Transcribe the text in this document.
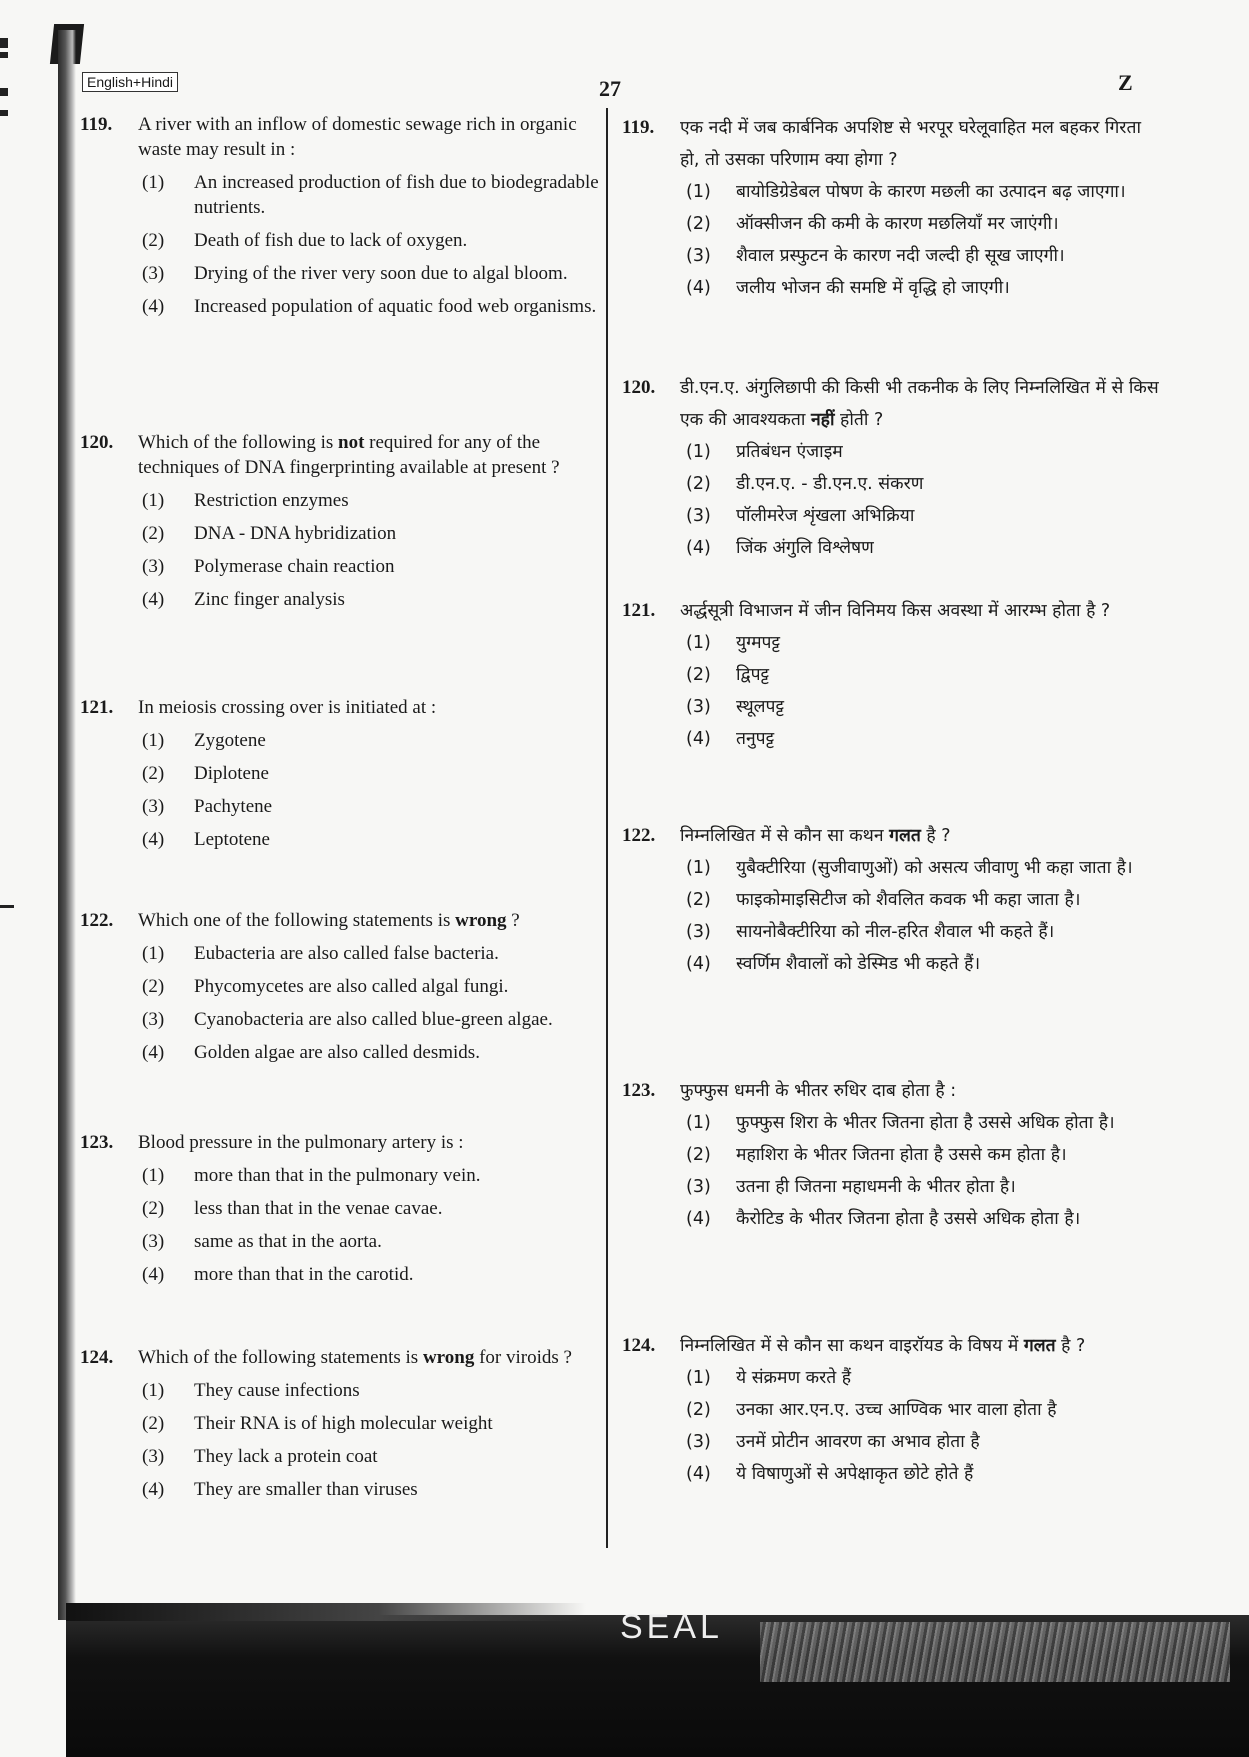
English+Hindi	27	Z
119.	A river with an inflow of domestic sewage rich in organic waste may result in :
(1)	An increased production of fish due to biodegradable nutrients.
(2)	Death of fish due to lack of oxygen.
(3)	Drying of the river very soon due to algal bloom.
(4)	Increased population of aquatic food web organisms.
120.	Which of the following is not required for any of the techniques of DNA fingerprinting available at present ?
(1)	Restriction enzymes
(2)	DNA - DNA hybridization
(3)	Polymerase chain reaction
(4)	Zinc finger analysis
121.	In meiosis crossing over is initiated at :
(1)	Zygotene
(2)	Diplotene
(3)	Pachytene
(4)	Leptotene
122.	Which one of the following statements is wrong ?
(1)	Eubacteria are also called false bacteria.
(2)	Phycomycetes are also called algal fungi.
(3)	Cyanobacteria are also called blue-green algae.
(4)	Golden algae are also called desmids.
123.	Blood pressure in the pulmonary artery is :
(1)	more than that in the pulmonary vein.
(2)	less than that in the venae cavae.
(3)	same as that in the aorta.
(4)	more than that in the carotid.
124.	Which of the following statements is wrong for viroids ?
(1)	They cause infections
(2)	Their RNA is of high molecular weight
(3)	They lack a protein coat
(4)	They are smaller than viruses
119.	एक नदी में जब कार्बनिक अपशिष्ट से भरपूर घरेलूवाहित मल बहकर गिरता हो, तो उसका परिणाम क्या होगा ?
(1)	बायोडिग्रेडेबल पोषण के कारण मछली का उत्पादन बढ़ जाएगा।
(2)	ऑक्सीजन की कमी के कारण मछलियाँ मर जाएंगी।
(3)	शैवाल प्रस्फुटन के कारण नदी जल्दी ही सूख जाएगी।
(4)	जलीय भोजन की समष्टि में वृद्धि हो जाएगी।
120.	डी.एन.ए. अंगुलिछापी की किसी भी तकनीक के लिए निम्नलिखित में से किस एक की आवश्यकता नहीं होती ?
(1)	प्रतिबंधन एंजाइम
(2)	डी.एन.ए. - डी.एन.ए. संकरण
(3)	पॉलीमरेज शृंखला अभिक्रिया
(4)	जिंक अंगुलि विश्लेषण
121.	अर्द्धसूत्री विभाजन में जीन विनिमय किस अवस्था में आरम्भ होता है ?
(1)	युग्मपट्ट
(2)	द्विपट्ट
(3)	स्थूलपट्ट
(4)	तनुपट्ट
122.	निम्नलिखित में से कौन सा कथन गलत है ?
(1)	युबैक्टीरिया (सुजीवाणुओं) को असत्य जीवाणु भी कहा जाता है।
(2)	फाइकोमाइसिटीज को शैवलित कवक भी कहा जाता है।
(3)	सायनोबैक्टीरिया को नील-हरित शैवाल भी कहते हैं।
(4)	स्वर्णिम शैवालों को डेस्मिड भी कहते हैं।
123.	फुफ्फुस धमनी के भीतर रुधिर दाब होता है :
(1)	फुफ्फुस शिरा के भीतर जितना होता है उससे अधिक होता है।
(2)	महाशिरा के भीतर जितना होता है उससे कम होता है।
(3)	उतना ही जितना महाधमनी के भीतर होता है।
(4)	कैरोटिड के भीतर जितना होता है उससे अधिक होता है।
124.	निम्नलिखित में से कौन सा कथन वाइरॉयड के विषय में गलत है ?
(1)	ये संक्रमण करते हैं
(2)	उनका आर.एन.ए. उच्च आण्विक भार वाला होता है
(3)	उनमें प्रोटीन आवरण का अभाव होता है
(4)	ये विषाणुओं से अपेक्षाकृत छोटे होते हैं
SEAL
